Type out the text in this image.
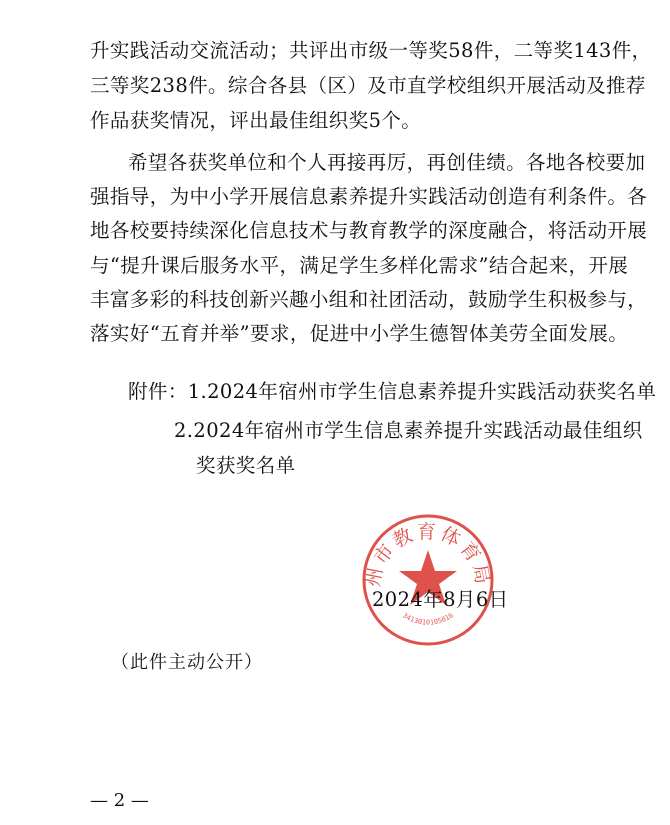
升实践活动交流活动；共评出市级一等奖58件，二等奖143件，
三等奖238件。综合各县（区）及市直学校组织开展活动及推荐
作品获奖情况，评出最佳组织奖5个。
希望各获奖单位和个人再接再厉，再创佳绩。各地各校要加
强指导，为中小学开展信息素养提升实践活动创造有利条件。各
地各校要持续深化信息技术与教育教学的深度融合，将活动开展
与“提升课后服务水平，满足学生多样化需求”结合起来，开展
丰富多彩的科技创新兴趣小组和社团活动，鼓励学生积极参与，
落实好“五育并举”要求，促进中小学生德智体美劳全面发展。
附件：1.2024年宿州市学生信息素养提升实践活动获奖名单
2.2024年宿州市学生信息素养提升实践活动最佳组织
奖获奖名单
州市教育体育局
3413010105016
2024年8月6日
（此件主动公开）
— 2 —
